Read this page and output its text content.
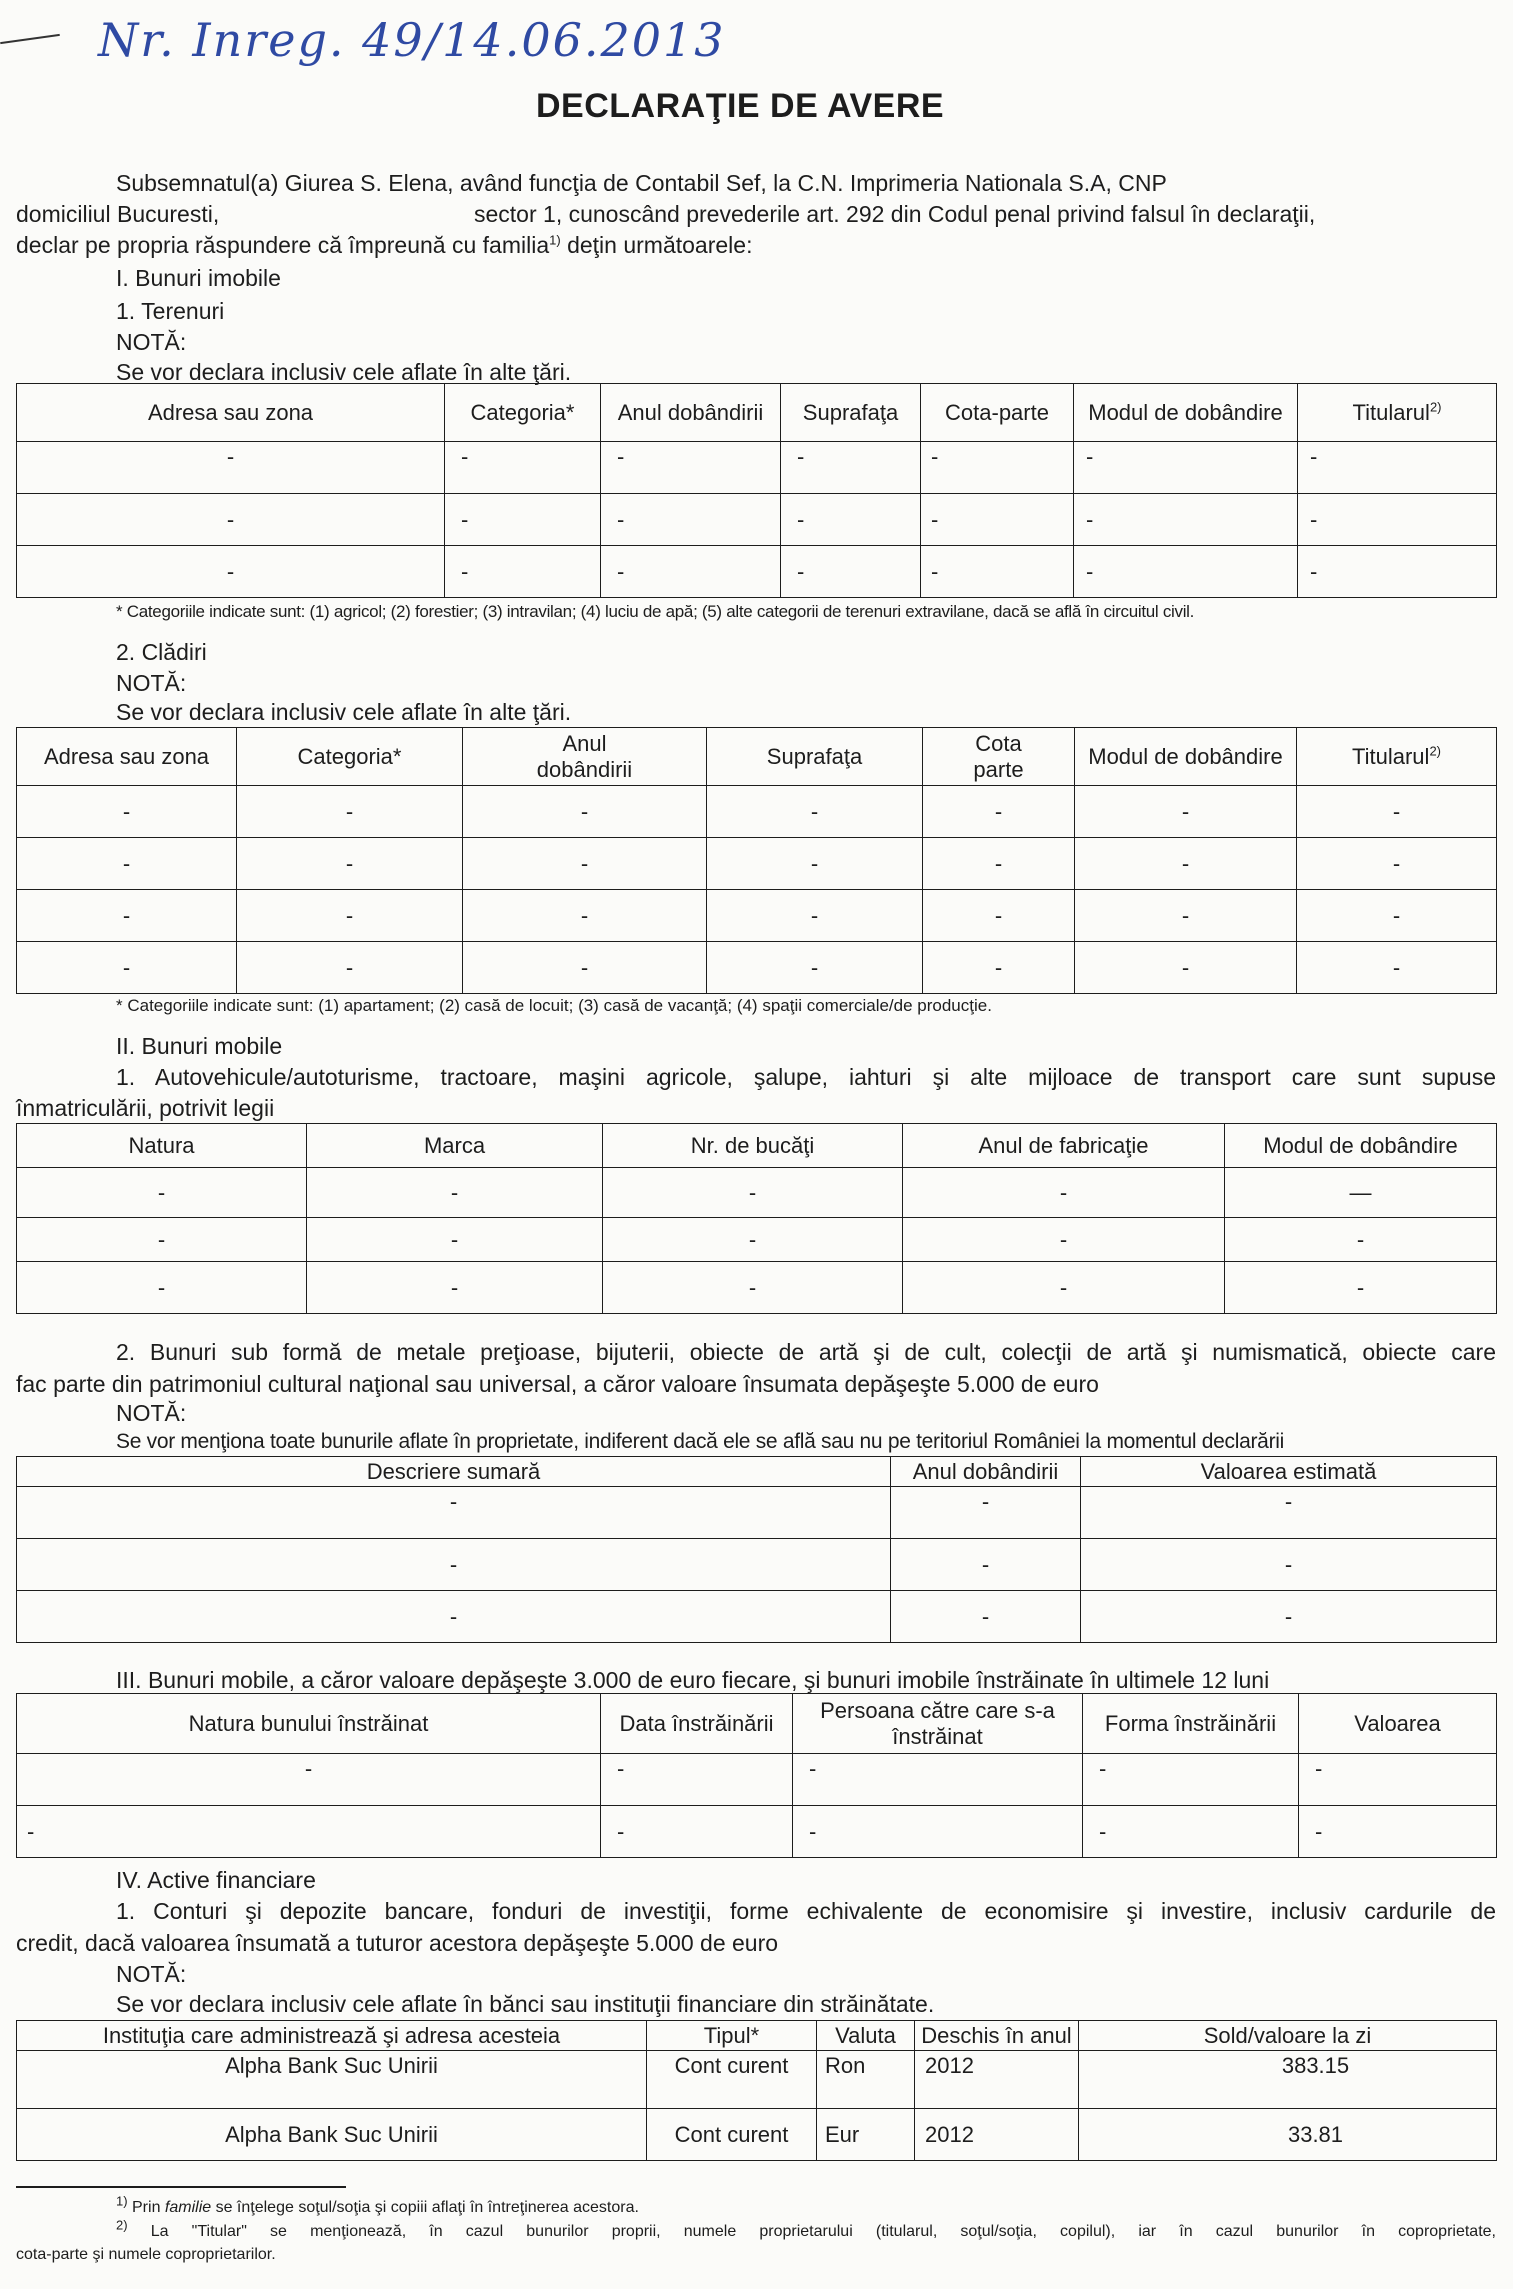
Nr. Inreg. 49/14.06.2013
DECLARAŢIE DE AVERE
Subsemnatul(a) Giurea S. Elena, având funcţia de Contabil Sef, la C.N. Imprimeria Nationala S.A, CNP
domiciliul Bucuresti,	sector 1, cunoscând prevederile art. 292 din Codul penal privind falsul în declaraţii,
declar pe propria răspundere că împreună cu familia$^{1)}$ deţin următoarele:
I. Bunuri imobile
1. Terenuri
NOTĂ:
Se vor declara inclusiv cele aflate în alte ţări.
Adresa sau zona	Categoria*	Anul dobândirii	Suprafaţa	Cota-parte	Modul de dobândire	Titularul$^{2)}$
-	-	-	-	-	-	-
-	-	-	-	-	-	-
-	-	-	-	-	-	-
* Categoriile indicate sunt: (1) agricol; (2) forestier; (3) intravilan; (4) luciu de apă; (5) alte categorii de terenuri extravilane, dacă se află în circuitul civil.
2. Clădiri
NOTĂ:
Se vor declara inclusiv cele aflate în alte ţări.
Adresa sau zona	Categoria*	Anul dobândirii	Suprafaţa	Cota parte	Modul de dobândire	Titularul$^{2)}$
-	-	-	-	-	-	-
-	-	-	-	-	-	-
-	-	-	-	-	-	-
-	-	-	-	-	-	-
* Categoriile indicate sunt: (1) apartament; (2) casă de locuit; (3) casă de vacanţă; (4) spaţii comerciale/de producţie.
II. Bunuri mobile
1. Autovehicule/autoturisme, tractoare, maşini agricole, şalupe, iahturi şi alte mijloace de transport care sunt supuse
înmatriculării, potrivit legii
Natura	Marca	Nr. de bucăţi	Anul de fabricaţie	Modul de dobândire
-	-	-	-	—
-	-	-	-	-
-	-	-	-	-
2. Bunuri sub formă de metale preţioase, bijuterii, obiecte de artă şi de cult, colecţii de artă şi numismatică, obiecte care
fac parte din patrimoniul cultural naţional sau universal, a căror valoare însumata depăşeşte 5.000 de euro
NOTĂ:
Se vor menţiona toate bunurile aflate în proprietate, indiferent dacă ele se află sau nu pe teritoriul României la momentul declarării
Descriere sumară	Anul dobândirii	Valoarea estimată
-	-	-
-	-	-
-	-	-
III. Bunuri mobile, a căror valoare depăşeşte 3.000 de euro fiecare, şi bunuri imobile înstrăinate în ultimele 12 luni
Natura bunului înstrăinat	Data înstrăinării	Persoana către care s-a înstrăinat	Forma înstrăinării	Valoarea
-	-	-	-	-
-	-	-	-	-
IV. Active financiare
1. Conturi şi depozite bancare, fonduri de investiţii, forme echivalente de economisire şi investire, inclusiv cardurile de
credit, dacă valoarea însumată a tuturor acestora depăşeşte 5.000 de euro
NOTĂ:
Se vor declara inclusiv cele aflate în bănci sau instituţii financiare din străinătate.
Instituţia care administrează şi adresa acesteia	Tipul*	Valuta	Deschis în anul	Sold/valoare la zi
Alpha Bank Suc Unirii	Cont curent	Ron	2012	383.15
Alpha Bank Suc Unirii	Cont curent	Eur	2012	33.81
$^{1)}$ Prin familie se înţelege soţul/soţia şi copiii aflaţi în întreţinerea acestora.
$^{2)}$ La "Titular" se menţionează, în cazul bunurilor proprii, numele proprietarului (titularul, soţul/soţia, copilul), iar în cazul bunurilor în coproprietate,
cota-parte şi numele coproprietarilor.
